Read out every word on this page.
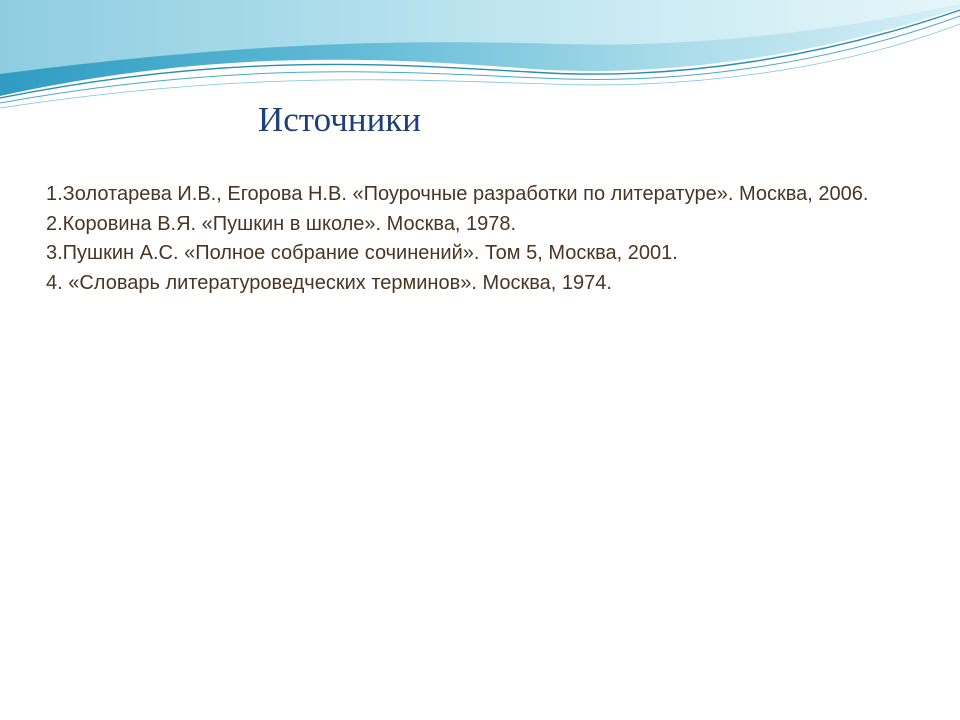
Источники
1.Золотарева И.В., Егорова Н.В. «Поурочные разработки по литературе». Москва, 2006.
2.Коровина В.Я. «Пушкин в школе». Москва, 1978.
3.Пушкин А.С. «Полное собрание сочинений». Том 5, Москва, 2001.
4. «Словарь литературоведческих терминов». Москва, 1974.
